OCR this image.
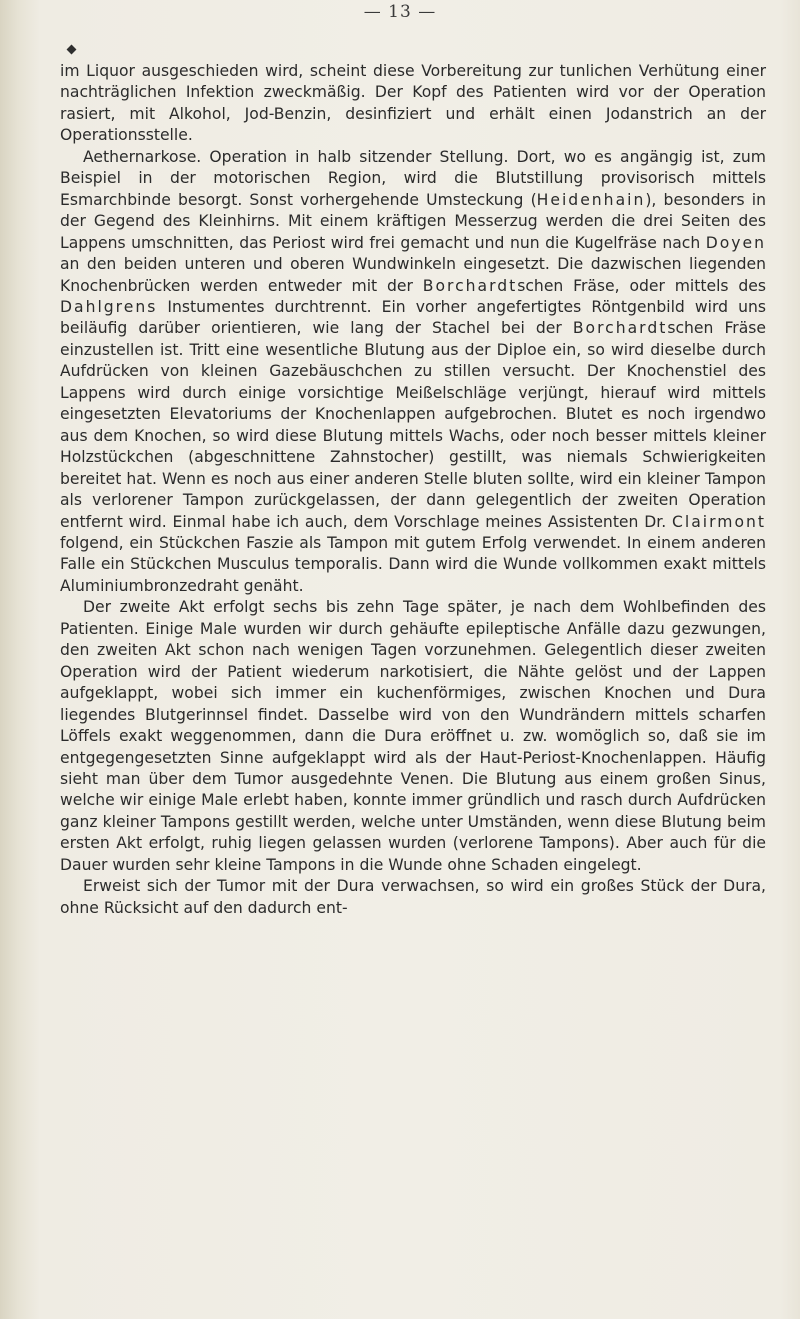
— 13 —

im Liquor ausgeschieden wird, scheint diese Vorbereitung zur tunlichen Verhütung einer nachträglichen Infektion zweckmäßig. Der Kopf des Patienten wird vor der Operation rasiert, mit Alkohol, Jod-Benzin, desinfiziert und erhält einen Jodanstrich an der Operationsstelle.

Aethernarkose. Operation in halb sitzender Stellung. Dort, wo es angängig ist, zum Beispiel in der motorischen Region, wird die Blutstillung provisorisch mittels Esmarchbinde besorgt. Sonst vorhergehende Umsteckung (Heidenhain), besonders in der Gegend des Kleinhirns. Mit einem kräftigen Messerzug werden die drei Seiten des Lappens umschnitten, das Periost wird frei gemacht und nun die Kugelfräse nach Doyen an den beiden unteren und oberen Wundwinkeln eingesetzt. Die dazwischen liegenden Knochenbrücken werden entweder mit der Borchardtschen Fräse, oder mittels des Dahlgrens Instumentes durchtrennt. Ein vorher angefertigtes Röntgenbild wird uns beiläufig darüber orientieren, wie lang der Stachel bei der Borchardtschen Fräse einzustellen ist. Tritt eine wesentliche Blutung aus der Diploe ein, so wird dieselbe durch Aufdrücken von kleinen Gazebäuschchen zu stillen versucht. Der Knochenstiel des Lappens wird durch einige vorsichtige Meißelschläge verjüngt, hierauf wird mittels eingesetzten Elevatoriums der Knochenlappen aufgebrochen. Blutet es noch irgendwo aus dem Knochen, so wird diese Blutung mittels Wachs, oder noch besser mittels kleiner Holzstückchen (abgeschnittene Zahnstocher) gestillt, was niemals Schwierigkeiten bereitet hat. Wenn es noch aus einer anderen Stelle bluten sollte, wird ein kleiner Tampon als verlorener Tampon zurückgelassen, der dann gelegentlich der zweiten Operation entfernt wird. Einmal habe ich auch, dem Vorschlage meines Assistenten Dr. Clairmont folgend, ein Stückchen Faszie als Tampon mit gutem Erfolg verwendet. In einem anderen Falle ein Stückchen Musculus temporalis. Dann wird die Wunde vollkommen exakt mittels Aluminiumbronzedraht genäht.

Der zweite Akt erfolgt sechs bis zehn Tage später, je nach dem Wohlbefinden des Patienten. Einige Male wurden wir durch gehäufte epileptische Anfälle dazu gezwungen, den zweiten Akt schon nach wenigen Tagen vorzunehmen. Gelegentlich dieser zweiten Operation wird der Patient wiederum narkotisiert, die Nähte gelöst und der Lappen aufgeklappt, wobei sich immer ein kuchenförmiges, zwischen Knochen und Dura liegendes Blutgerinnsel findet. Dasselbe wird von den Wundrändern mittels scharfen Löffels exakt weggenommen, dann die Dura eröffnet u. zw. womöglich so, daß sie im entgegengesetzten Sinne aufgeklappt wird als der Haut-Periost-Knochenlappen. Häufig sieht man über dem Tumor ausgedehnte Venen. Die Blutung aus einem großen Sinus, welche wir einige Male erlebt haben, konnte immer gründlich und rasch durch Aufdrücken ganz kleiner Tampons gestillt werden, welche unter Umständen, wenn diese Blutung beim ersten Akt erfolgt, ruhig liegen gelassen wurden (verlorene Tampons). Aber auch für die Dauer wurden sehr kleine Tampons in die Wunde ohne Schaden eingelegt.

Erweist sich der Tumor mit der Dura verwachsen, so wird ein großes Stück der Dura, ohne Rücksicht auf den dadurch ent-
